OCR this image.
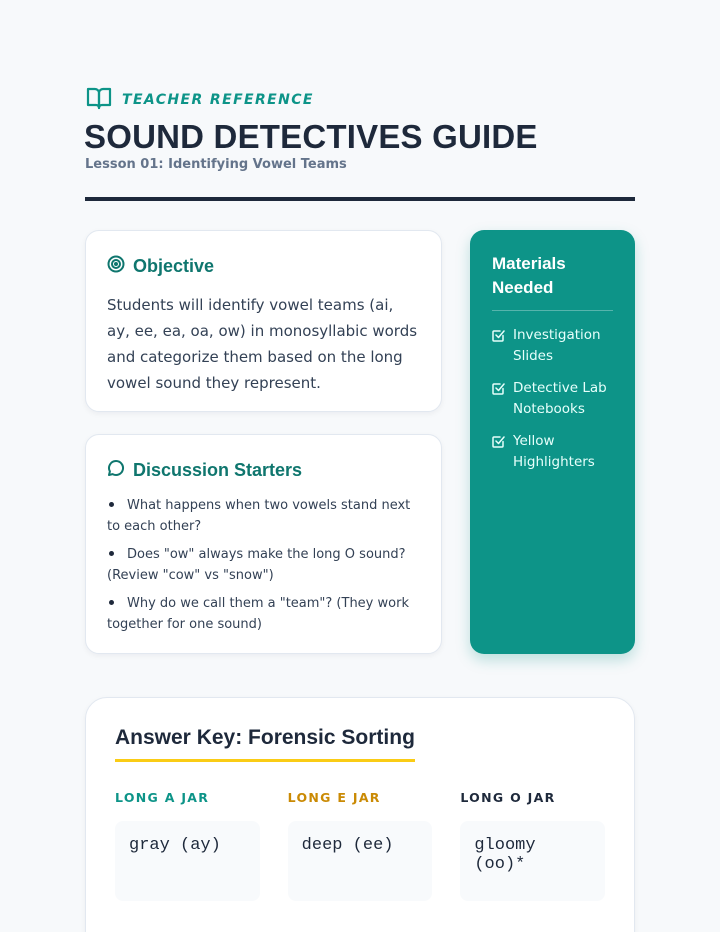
TEACHER REFERENCE
SOUND DETECTIVES GUIDE
Lesson 01: Identifying Vowel Teams
Objective

Students will identify vowel teams (ai, ay, ee, ea, oa, ow) in monosyllabic words and categorize them based on the long vowel sound they represent.

Discussion Starters
What happens when two vowels stand next to each other?
Does "ow" always make the long O sound? (Review "cow" vs "snow")
Why do we call them a "team"? (They work together for one sound)
Materials Needed
Investigation Slides
Detective Lab Notebooks
Yellow Highlighters
Answer Key: Forensic Sorting
LONG A JAR
gray (ay)
LONG E JAR
deep (ee)
LONG O JAR
gloomy (oo)*
